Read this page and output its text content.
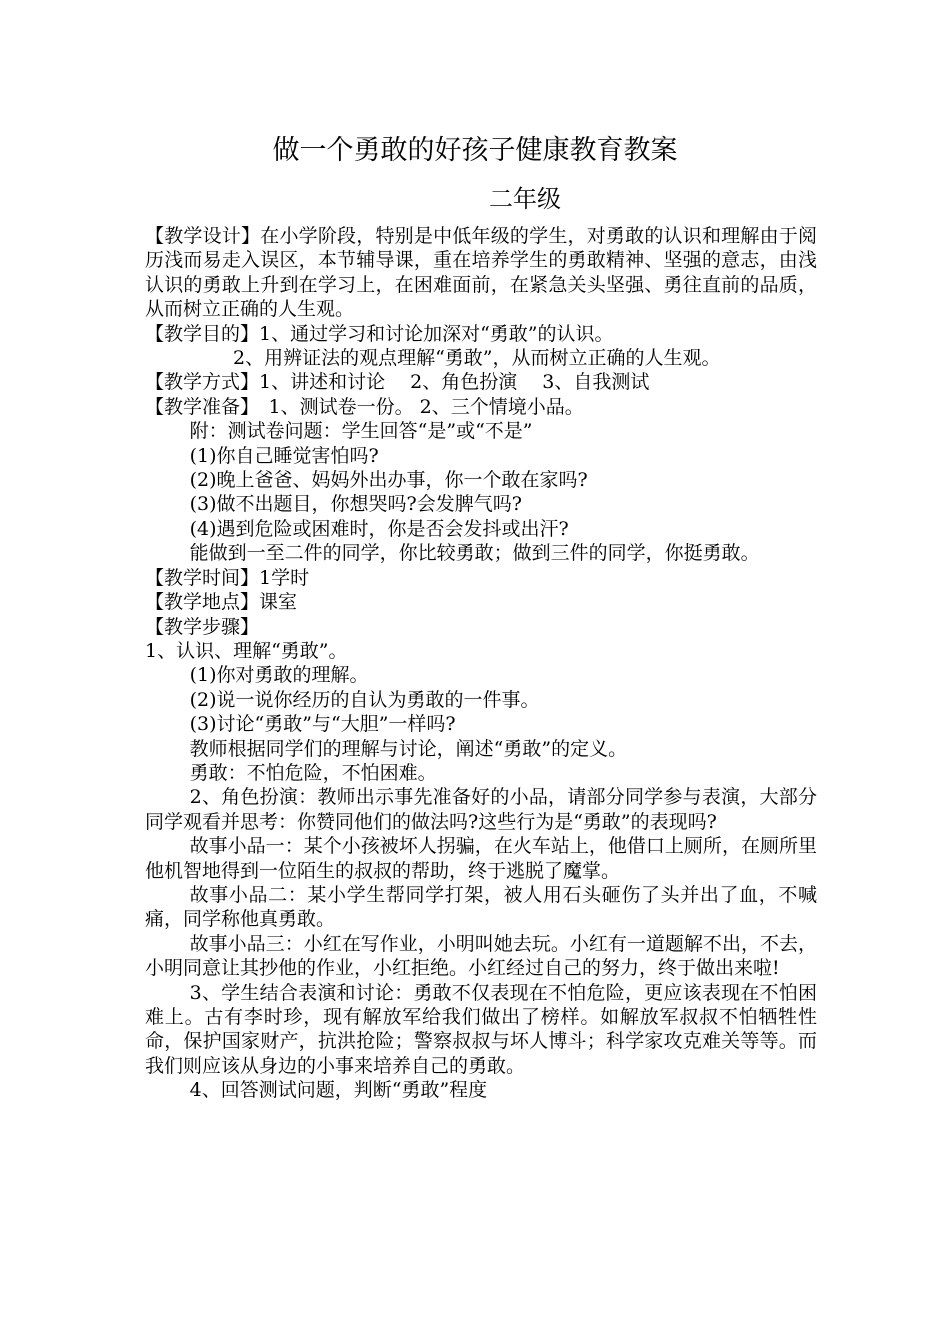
做一个勇敢的好孩子健康教育教案
二年级

【教学设计】在小学阶段，特别是中低年级的学生，对勇敢的认识和理解由于阅历浅而易走入误区，本节辅导课，重在培养学生的勇敢精神、坚强的意志，由浅认识的勇敢上升到在学习上，在困难面前，在紧急关头坚强、勇往直前的品质，从而树立正确的人生观。

【教学目的】1、通过学习和讨论加深对“勇敢”的认识。

2、用辨证法的观点理解“勇敢”，从而树立正确的人生观。

【教学方式】1、讲述和讨论　 2、角色扮演　 3、自我测试

【教学准备】　1、测试卷一份。 2、三个情境小品。

附：测试卷问题：学生回答“是”或“不是”

(1)你自己睡觉害怕吗?

(2)晚上爸爸、妈妈外出办事，你一个敢在家吗?

(3)做不出题目，你想哭吗?会发脾气吗?

(4)遇到危险或困难时，你是否会发抖或出汗?

能做到一至二件的同学，你比较勇敢；做到三件的同学，你挺勇敢。

【教学时间】1学时

【教学地点】课室

【教学步骤】

1、认识、理解“勇敢”。

(1)你对勇敢的理解。

(2)说一说你经历的自认为勇敢的一件事。

(3)讨论“勇敢”与“大胆”一样吗?

教师根据同学们的理解与讨论，阐述“勇敢”的定义。

勇敢：不怕危险，不怕困难。

2、角色扮演：教师出示事先准备好的小品，请部分同学参与表演，大部分同学观看并思考：你赞同他们的做法吗?这些行为是“勇敢”的表现吗?

故事小品一：某个小孩被坏人拐骗，在火车站上，他借口上厕所，在厕所里他机智地得到一位陌生的叔叔的帮助，终于逃脱了魔掌。

故事小品二：某小学生帮同学打架，被人用石头砸伤了头并出了血，不喊痛，同学称他真勇敢。

故事小品三：小红在写作业，小明叫她去玩。小红有一道题解不出，不去，小明同意让其抄他的作业，小红拒绝。小红经过自己的努力，终于做出来啦!

3、学生结合表演和讨论：勇敢不仅表现在不怕危险，更应该表现在不怕困难上。古有李时珍，现有解放军给我们做出了榜样。如解放军叔叔不怕牺牲性命，保护国家财产，抗洪抢险；警察叔叔与坏人博斗；科学家攻克难关等等。而我们则应该从身边的小事来培养自己的勇敢。

4、回答测试问题，判断“勇敢”程度
